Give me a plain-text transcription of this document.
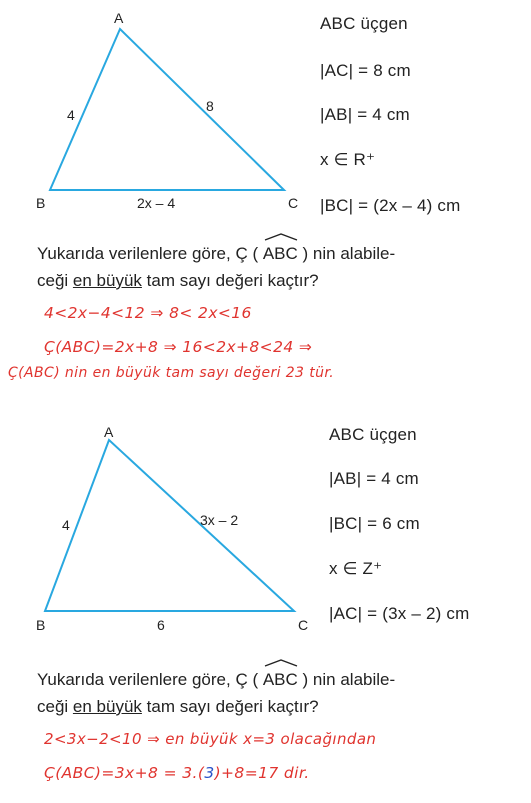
A
B	C
4
8
2x – 4
ABC üçgen
|AC| = 8 cm
|AB| = 4 cm
x ∈ R⁺
|BC| = (2x – 4) cm
Yukarıda verilenlere göre, Ç ( ABC ) nin alabile-
ceği en büyük tam sayı değeri kaçtır?
4<2x−4<12 ⇒ 8< 2x<16
Ç(ABC)=2x+8 ⇒ 16<2x+8<24 ⇒
Ç(ABC) nin en büyük tam sayı değeri 23 tür.
A
B	C
4	3x – 2
6
ABC üçgen
|AB| = 4 cm
|BC| = 6 cm
x ∈ Z⁺
|AC| = (3x – 2) cm
Yukarıda verilenlere göre, Ç ( ABC ) nin alabile-
ceği en büyük tam sayı değeri kaçtır?
2<3x−2<10 ⇒ en büyük x=3 olacağından
Ç(ABC)=3x+8 = 3.(3)+8=17 dir.
